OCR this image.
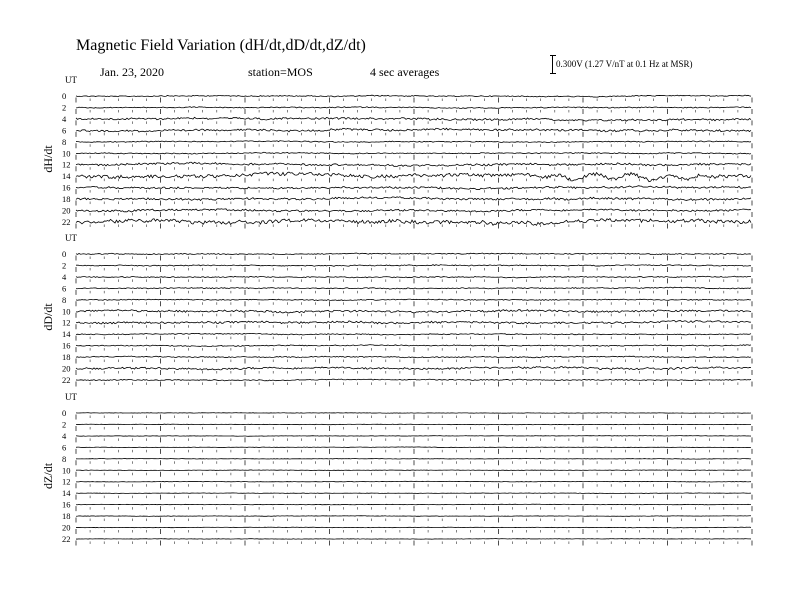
Magnetic Field Variation (dH/dt,dD/dt,dZ/dt)
Jan. 23, 2020	station=MOS	4 sec averages
0.300V (1.27 V/nT at 0.1 Hz at MSR)
UT
dH/dt
0
2
4
6
8
10
12
14
16
18
20
22
UT
dD/dt
0
2
4
6
8
10
12
14
16
18
20
22
UT
dZ/dt
0
2
4
6
8
10
12
14
16
18
20
22
